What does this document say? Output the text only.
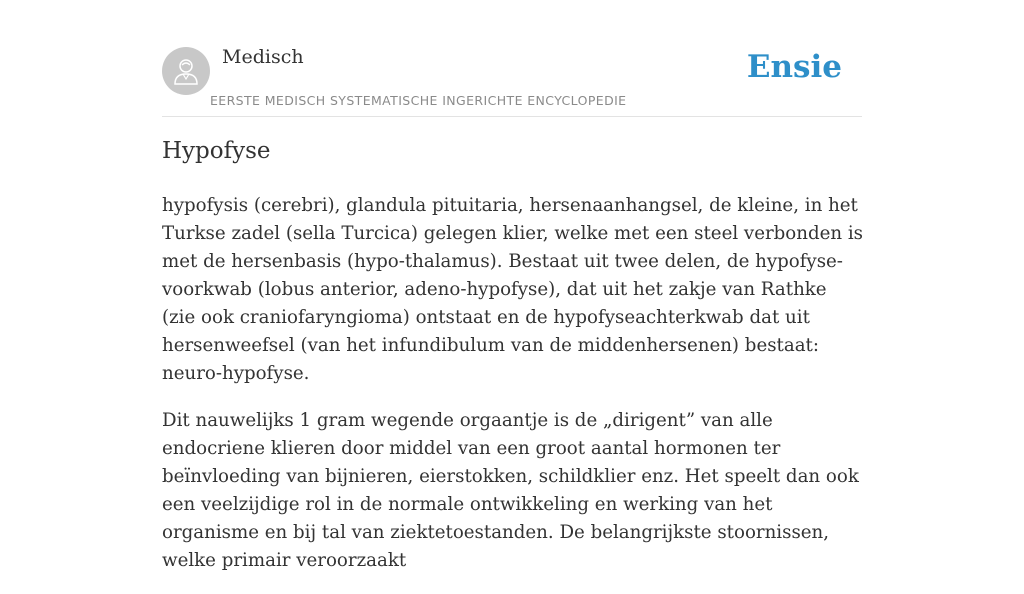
Medisch
EERSTE MEDISCH SYSTEMATISCHE INGERICHTE ENCYCLOPEDIE
Ensie
Hypofyse

hypofysis (cerebri), glandula pituitaria, hersenaanhangsel, de kleine, in het Turkse zadel (sella Turcica) gelegen klier, welke met een steel verbonden is met de hersenbasis (hypo-thalamus). Bestaat uit twee delen, de hypofyse-voorkwab (lobus anterior, adeno-hypofyse), dat uit het zakje van Rathke (zie ook craniofaryngioma) ontstaat en de hypofyseachterkwab dat uit hersenweefsel (van het infundibulum van de middenhersenen) bestaat: neuro-hypofyse.

Dit nauwelijks 1 gram wegende orgaantje is de „dirigent” van alle endocriene klieren door middel van een groot aantal hormonen ter beïnvloeding van bijnieren, eierstokken, schildklier enz. Het speelt dan ook een veelzijdige rol in de normale ontwikkeling en werking van het organisme en bij tal van ziektetoestanden. De belangrijkste stoornissen, welke primair veroorzaakt
